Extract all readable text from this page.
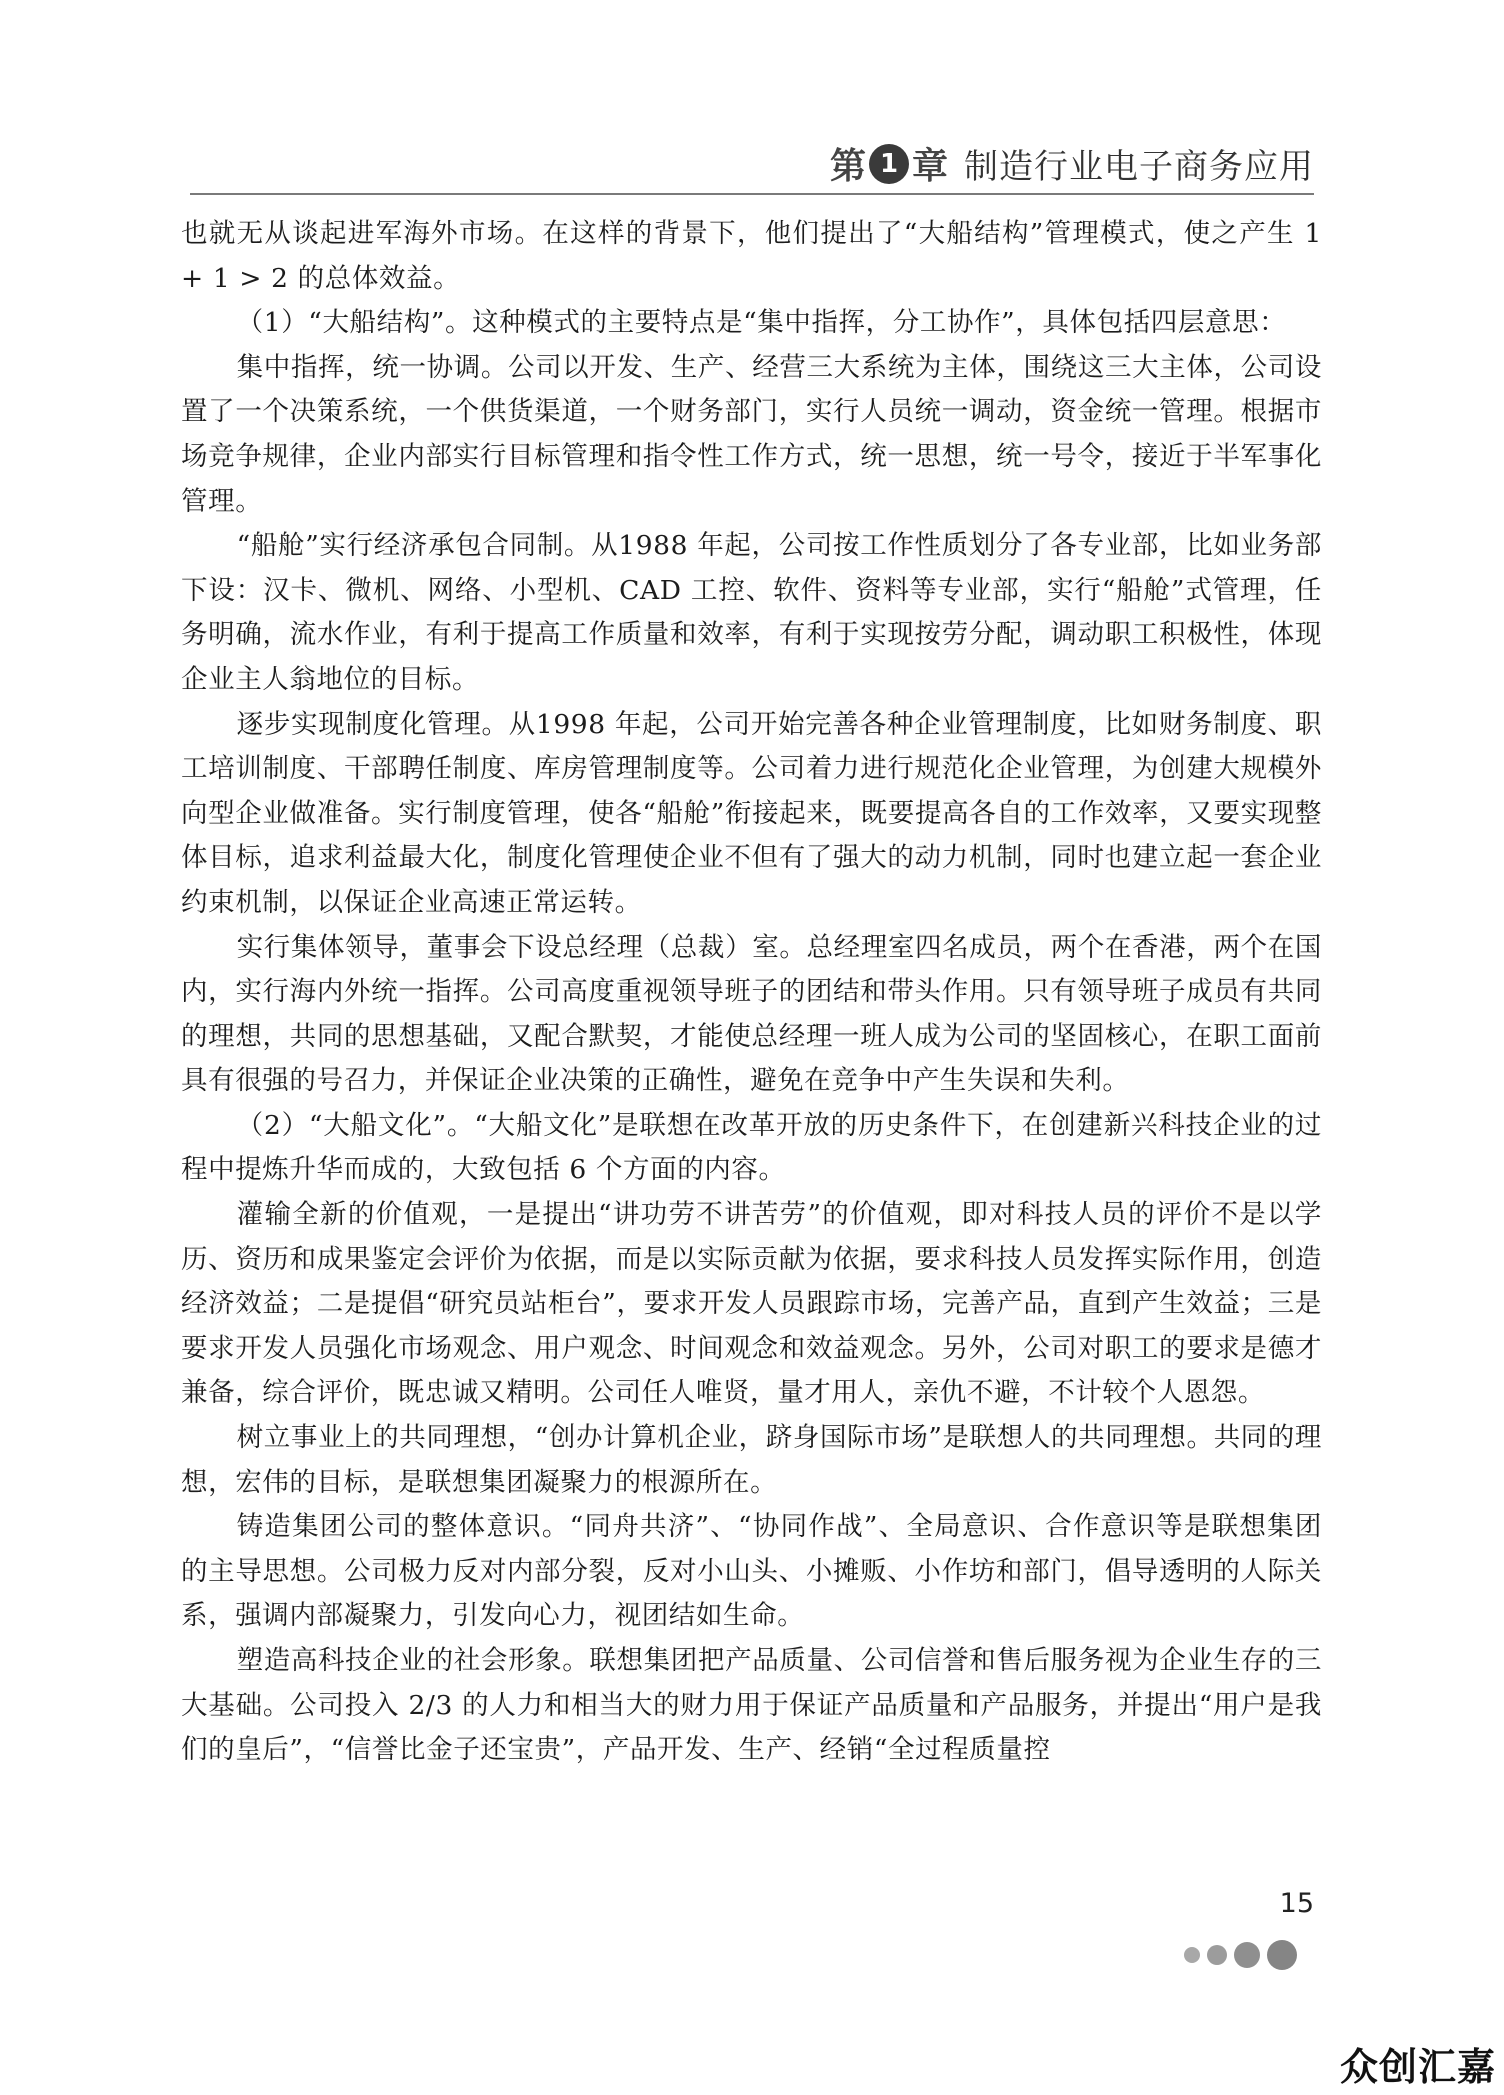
第 1 章 制造行业电子商务应用

也就无从谈起进军海外市场。在这样的背景下，他们提出了“大船结构”管理模式，使之产生 1 + 1 > 2 的总体效益。

（1）“大船结构”。这种模式的主要特点是“集中指挥，分工协作”，具体包括四层意思：

集中指挥，统一协调。公司以开发、生产、经营三大系统为主体，围绕这三大主体，公司设置了一个决策系统，一个供货渠道，一个财务部门，实行人员统一调动，资金统一管理。根据市场竞争规律，企业内部实行目标管理和指令性工作方式，统一思想，统一号令，接近于半军事化管理。

“船舱”实行经济承包合同制。从1988 年起，公司按工作性质划分了各专业部，比如业务部下设：汉卡、微机、网络、小型机、CAD 工控、软件、资料等专业部，实行“船舱”式管理，任务明确，流水作业，有利于提高工作质量和效率，有利于实现按劳分配，调动职工积极性，体现企业主人翁地位的目标。

逐步实现制度化管理。从1998 年起，公司开始完善各种企业管理制度，比如财务制度、职工培训制度、干部聘任制度、库房管理制度等。公司着力进行规范化企业管理，为创建大规模外向型企业做准备。实行制度管理，使各“船舱”衔接起来，既要提高各自的工作效率，又要实现整体目标，追求利益最大化，制度化管理使企业不但有了强大的动力机制，同时也建立起一套企业约束机制，以保证企业高速正常运转。

实行集体领导，董事会下设总经理（总裁）室。总经理室四名成员，两个在香港，两个在国内，实行海内外统一指挥。公司高度重视领导班子的团结和带头作用。只有领导班子成员有共同的理想，共同的思想基础，又配合默契，才能使总经理一班人成为公司的坚固核心，在职工面前具有很强的号召力，并保证企业决策的正确性，避免在竞争中产生失误和失利。

（2）“大船文化”。“大船文化”是联想在改革开放的历史条件下，在创建新兴科技企业的过程中提炼升华而成的，大致包括 6 个方面的内容。

灌输全新的价值观，一是提出“讲功劳不讲苦劳”的价值观，即对科技人员的评价不是以学历、资历和成果鉴定会评价为依据，而是以实际贡献为依据，要求科技人员发挥实际作用，创造经济效益；二是提倡“研究员站柜台”，要求开发人员跟踪市场，完善产品，直到产生效益；三是要求开发人员强化市场观念、用户观念、时间观念和效益观念。另外，公司对职工的要求是德才兼备，综合评价，既忠诚又精明。公司任人唯贤，量才用人，亲仇不避，不计较个人恩怨。

树立事业上的共同理想，“创办计算机企业，跻身国际市场”是联想人的共同理想。共同的理想，宏伟的目标，是联想集团凝聚力的根源所在。

铸造集团公司的整体意识。“同舟共济”、“协同作战”、全局意识、合作意识等是联想集团的主导思想。公司极力反对内部分裂，反对小山头、小摊贩、小作坊和部门，倡导透明的人际关系，强调内部凝聚力，引发向心力，视团结如生命。

塑造高科技企业的社会形象。联想集团把产品质量、公司信誉和售后服务视为企业生存的三大基础。公司投入 2/3 的人力和相当大的财力用于保证产品质量和产品服务，并提出“用户是我们的皇后”，“信誉比金子还宝贵”，产品开发、生产、经销“全过程质量控

15
众创汇嘉
